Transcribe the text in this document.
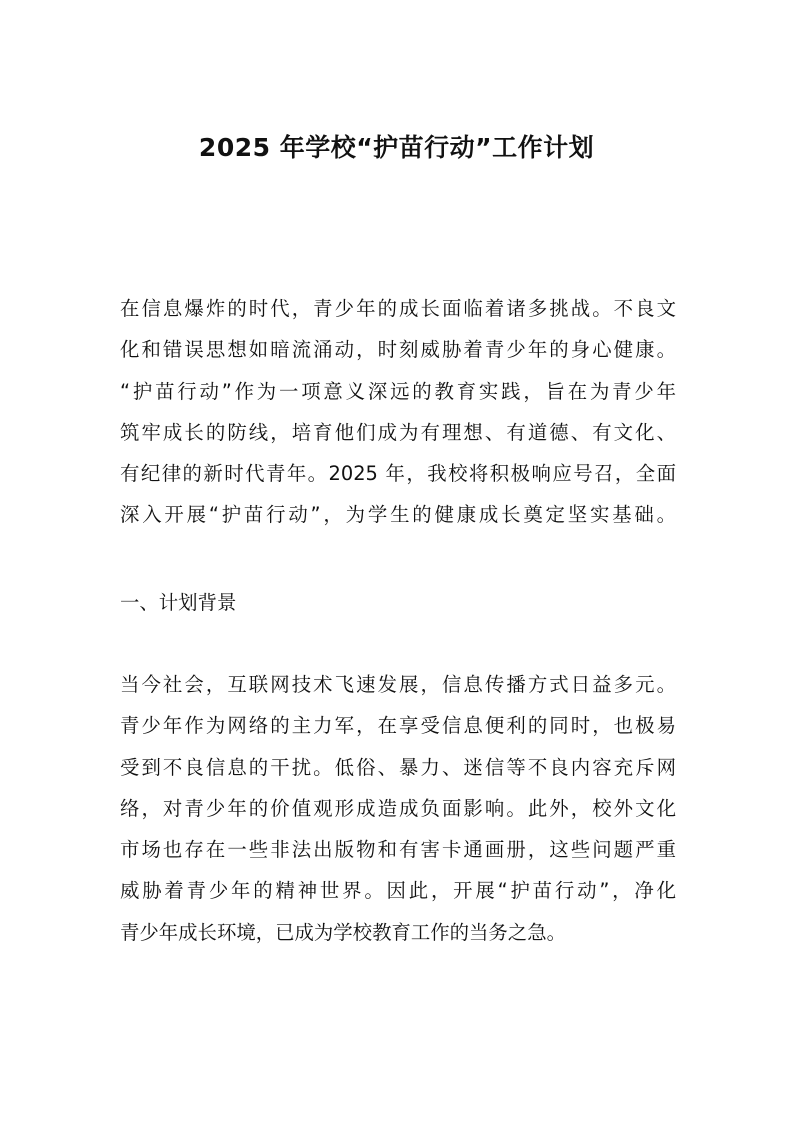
2025 年学校“护苗行动”工作计划
在信息爆炸的时代，青少年的成长面临着诸多挑战。不良文
化和错误思想如暗流涌动，时刻威胁着青少年的身心健康。
“护苗行动”作为一项意义深远的教育实践，旨在为青少年
筑牢成长的防线，培育他们成为有理想、有道德、有文化、
有纪律的新时代青年。2025 年，我校将积极响应号召，全面
深入开展“护苗行动”，为学生的健康成长奠定坚实基础。
一、计划背景
当今社会，互联网技术飞速发展，信息传播方式日益多元。
青少年作为网络的主力军，在享受信息便利的同时，也极易
受到不良信息的干扰。低俗、暴力、迷信等不良内容充斥网
络，对青少年的价值观形成造成负面影响。此外，校外文化
市场也存在一些非法出版物和有害卡通画册，这些问题严重
威胁着青少年的精神世界。因此，开展“护苗行动”，净化
青少年成长环境，已成为学校教育工作的当务之急。
